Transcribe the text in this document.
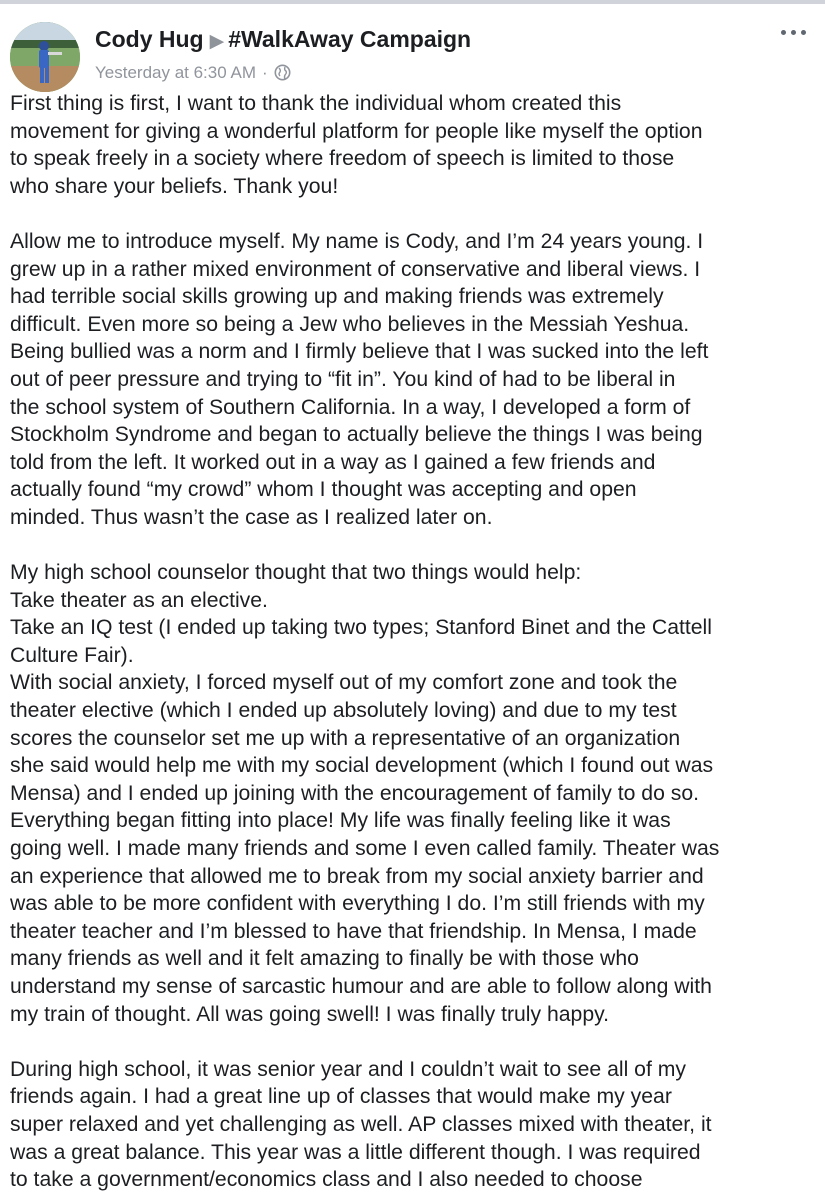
Cody Hug ▶ #WalkAway Campaign
Yesterday at 6:30 AM ·

First thing is first, I want to thank the individual whom created this

movement for giving a wonderful platform for people like myself the option

to speak freely in a society where freedom of speech is limited to those

who share your beliefs. Thank you!

Allow me to introduce myself. My name is Cody, and I’m 24 years young. I

grew up in a rather mixed environment of conservative and liberal views. I

had terrible social skills growing up and making friends was extremely

difficult. Even more so being a Jew who believes in the Messiah Yeshua.

Being bullied was a norm and I firmly believe that I was sucked into the left

out of peer pressure and trying to “fit in”. You kind of had to be liberal in

the school system of Southern California. In a way, I developed a form of

Stockholm Syndrome and began to actually believe the things I was being

told from the left. It worked out in a way as I gained a few friends and

actually found “my crowd” whom I thought was accepting and open

minded. Thus wasn’t the case as I realized later on.

My high school counselor thought that two things would help:

Take theater as an elective.

Take an IQ test (I ended up taking two types; Stanford Binet and the Cattell

Culture Fair).

With social anxiety, I forced myself out of my comfort zone and took the

theater elective (which I ended up absolutely loving) and due to my test

scores the counselor set me up with a representative of an organization

she said would help me with my social development (which I found out was

Mensa) and I ended up joining with the encouragement of family to do so.

Everything began fitting into place! My life was finally feeling like it was

going well. I made many friends and some I even called family. Theater was

an experience that allowed me to break from my social anxiety barrier and

was able to be more confident with everything I do. I’m still friends with my

theater teacher and I’m blessed to have that friendship. In Mensa, I made

many friends as well and it felt amazing to finally be with those who

understand my sense of sarcastic humour and are able to follow along with

my train of thought. All was going swell! I was finally truly happy.

During high school, it was senior year and I couldn’t wait to see all of my

friends again. I had a great line up of classes that would make my year

super relaxed and yet challenging as well. AP classes mixed with theater, it

was a great balance. This year was a little different though. I was required

to take a government/economics class and I also needed to choose
